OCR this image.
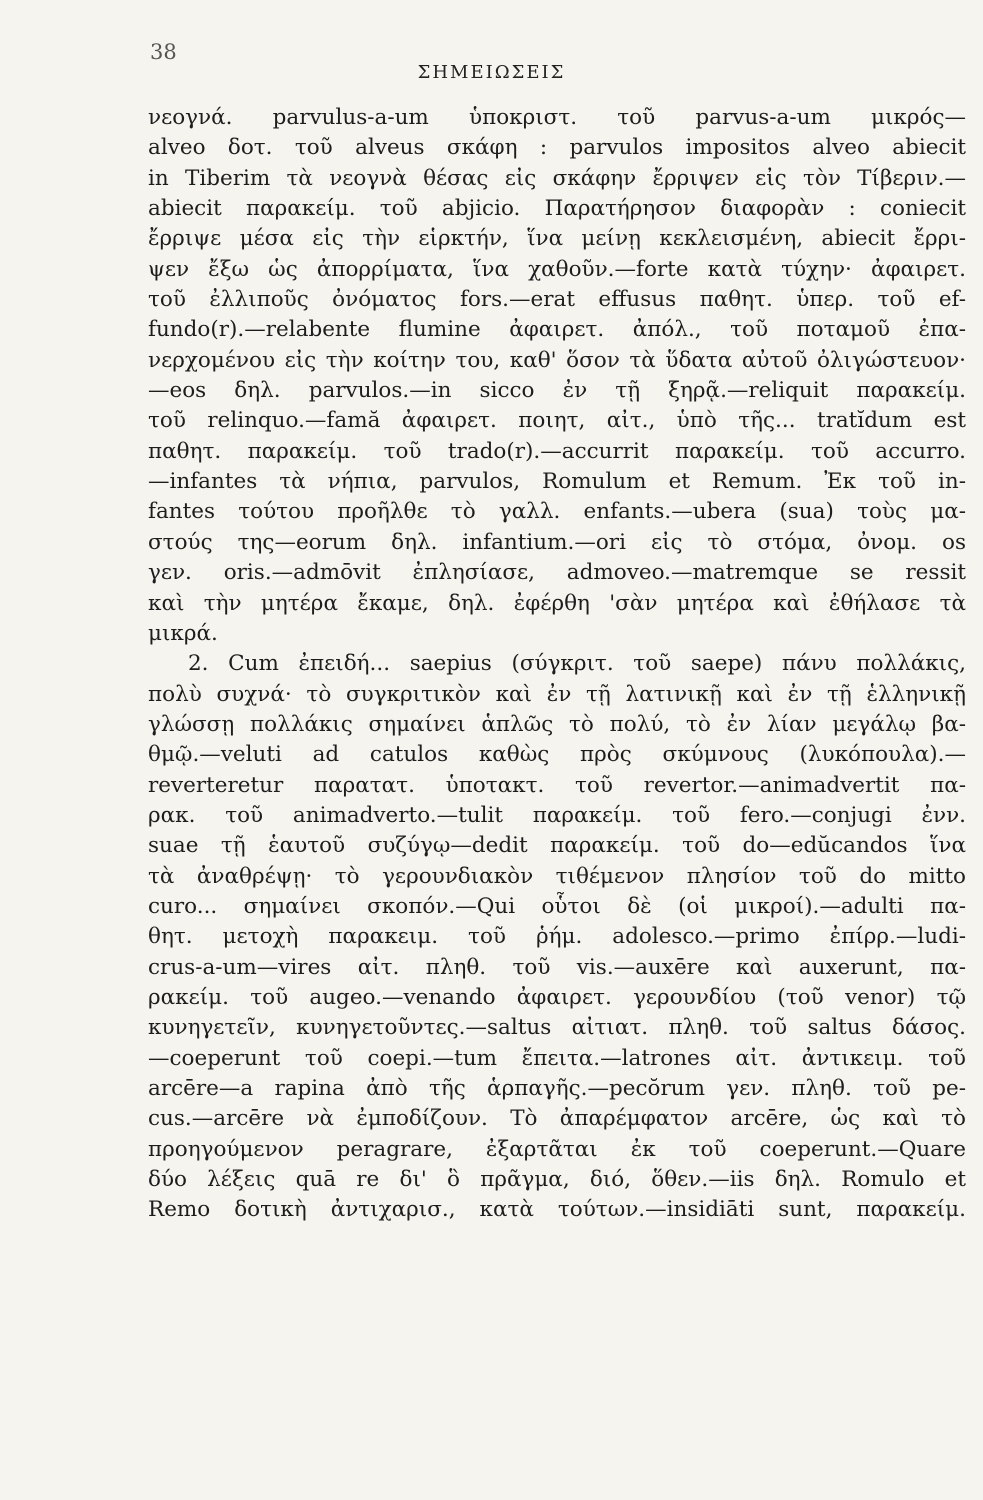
38
ΣΗΜΕΙΩΣΕΙΣ
νεογνά. parvulus-a-um ὑποκριστ. τοῦ parvus-a-um μικρός—
alveo δοτ. τοῦ alveus σκάφη : parvulos impositos alveo abiecit
in Tiberim τὰ νεογνὰ θέσας εἰς σκάφην ἔρριψεν εἰς τὸν Τίβεριν.—
abiecit παρακείμ. τοῦ abjicio. Παρατήρησον διαφορὰν : coniecit
ἔρριψε μέσα εἰς τὴν εἱρκτήν, ἵνα μείνῃ κεκλεισμένη, abiecit ἔρρι-
ψεν ἔξω ὡς ἀπορρίματα, ἵνα χαθοῦν.—forte κατὰ τύχην· ἀφαιρετ.
τοῦ ἐλλιποῦς ὀνόματος fors.—erat effusus παθητ. ὑπερ. τοῦ ef-
fundo(r).—relabente flumine ἀφαιρετ. ἀπόλ., τοῦ ποταμοῦ ἐπα-
νερχομένου εἰς τὴν κοίτην του, καθ' ὅσον τὰ ὕδατα αὐτοῦ ὀλιγώστευον·
—eos δηλ. parvulos.—in sicco ἐν τῇ ξηρᾷ.—reliquit παρακείμ.
τοῦ relinquo.—famă ἀφαιρετ. ποιητ, αἰτ., ὑπὸ τῆς... tratĭdum est
παθητ. παρακείμ. τοῦ trado(r).—accurrit παρακείμ. τοῦ accurro.
—infantes τὰ νήπια, parvulos, Romulum et Remum. Ἐκ τοῦ in-
fantes τούτου προῆλθε τὸ γαλλ. enfants.—ubera (sua) τοὺς μα-
στούς της—eorum δηλ. infantium.—ori εἰς τὸ στόμα, ὀνομ. os
γεν. oris.—admōvit ἐπλησίασε, admoveo.—matremque se ressit
καὶ τὴν μητέρα ἔκαμε, δηλ. ἐφέρθη 'σὰν μητέρα καὶ ἐθήλασε τὰ
μικρά.
2. Cum ἐπειδή... saepius (σύγκριτ. τοῦ saepe) πάνυ πολλάκις,
πολὺ συχνά· τὸ συγκριτικὸν καὶ ἐν τῇ λατινικῇ καὶ ἐν τῇ ἑλληνικῇ
γλώσσῃ πολλάκις σημαίνει ἁπλῶς τὸ πολύ, τὸ ἐν λίαν μεγάλῳ βα-
θμῷ.—veluti ad catulos καθὼς πρὸς σκύμνους (λυκόπουλα).—
reverteretur παρατατ. ὑποτακτ. τοῦ revertor.—animadvertit πα-
ρακ. τοῦ animadverto.—tulit παρακείμ. τοῦ fero.—conjugi ἐνν.
suae τῇ ἑαυτοῦ συζύγῳ—dedit παρακείμ. τοῦ do—edŭcandos ἵνα
τὰ ἀναθρέψῃ· τὸ γερουνδιακὸν τιθέμενον πλησίον τοῦ do mitto
curo... σημαίνει σκοπόν.—Qui οὗτοι δὲ (οἱ μικροί).—adulti πα-
θητ. μετοχὴ παρακειμ. τοῦ ῥήμ. adolesco.—primo ἐπίρρ.—ludi-
crus-a-um—vires αἰτ. πληθ. τοῦ vis.—auxēre καὶ auxerunt, πα-
ρακείμ. τοῦ augeo.—venando ἀφαιρετ. γερουνδίου (τοῦ venor) τῷ
κυνηγετεῖν, κυνηγετοῦντες.—saltus αἰτιατ. πληθ. τοῦ saltus δάσος.
—coeperunt τοῦ coepi.—tum ἔπειτα.—latrones αἰτ. ἀντικειμ. τοῦ
arcēre—a rapina ἀπὸ τῆς ἁρπαγῆς.—pecŏrum γεν. πληθ. τοῦ pe-
cus.—arcēre νὰ ἐμποδίζουν. Τὸ ἀπαρέμφατον arcēre, ὡς καὶ τὸ
προηγούμενον peragrare, ἐξαρτᾶται ἐκ τοῦ coeperunt.—Quare
δύο λέξεις quā re δι' ὃ πρᾶγμα, διό, ὅθεν.—iis δηλ. Romulo et
Remo δοτικὴ ἀντιχαρισ., κατὰ τούτων.—insidiāti sunt, παρακείμ.
